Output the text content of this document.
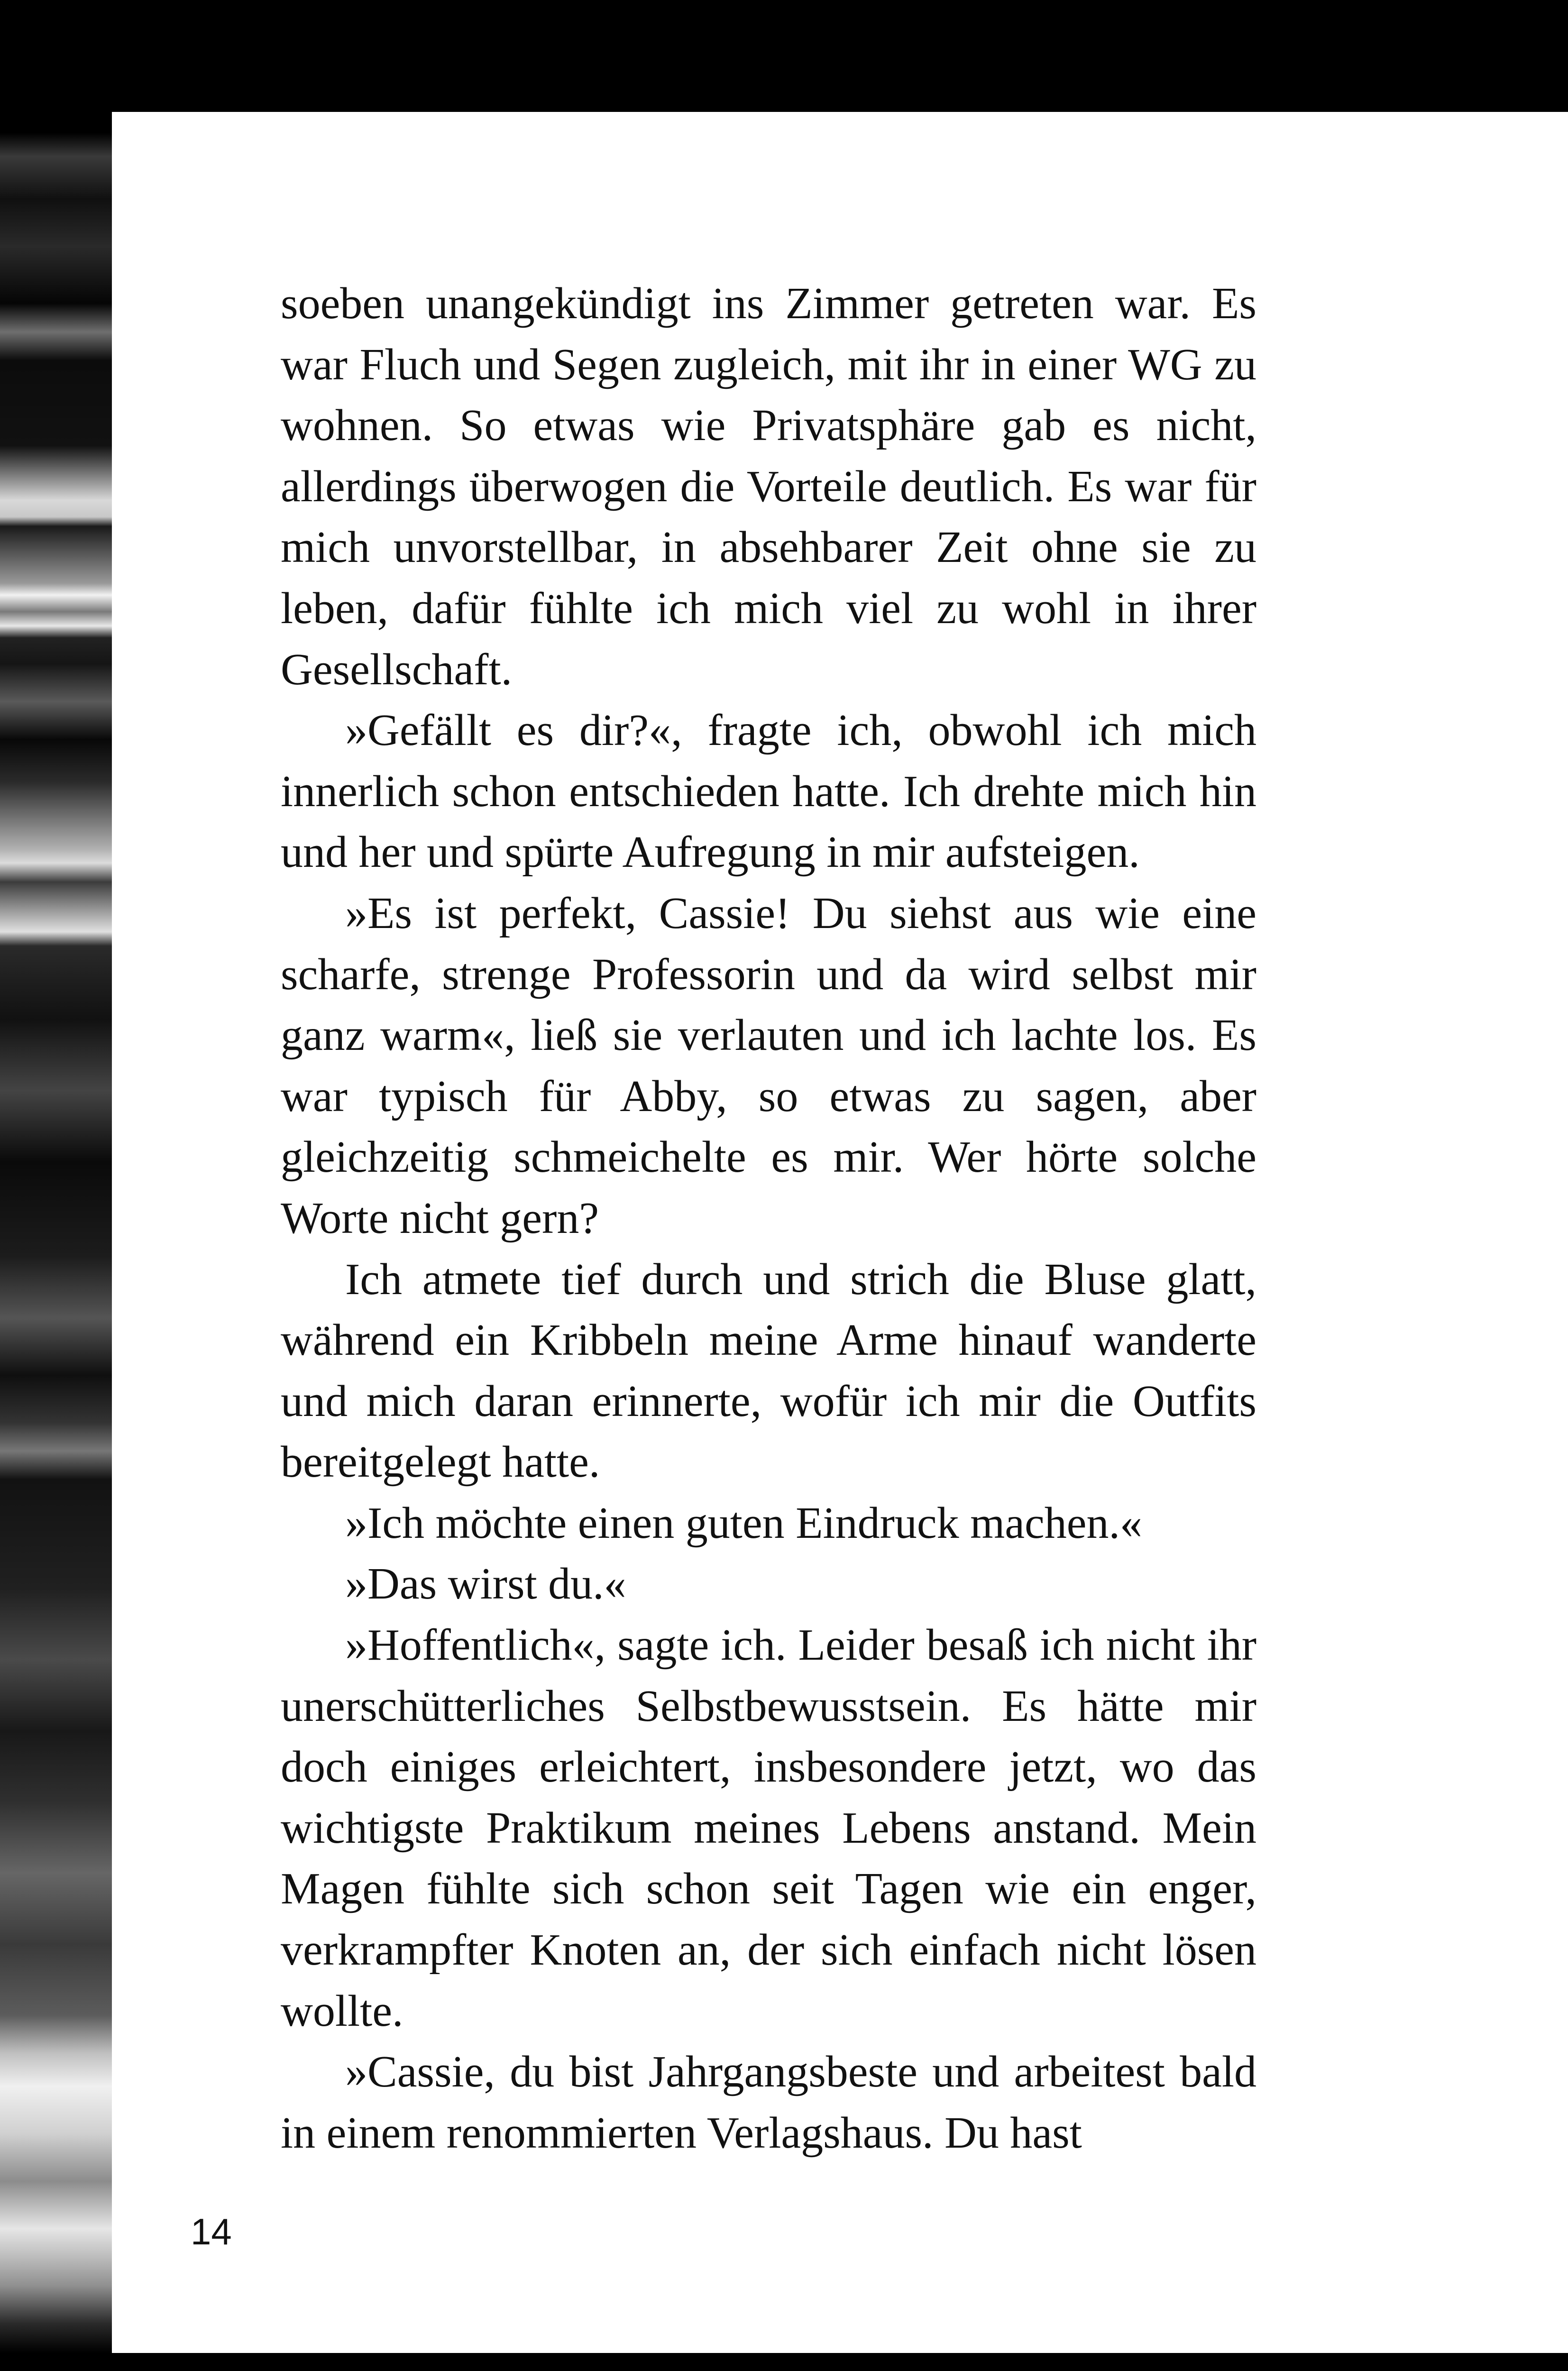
soeben unangekündigt ins Zimmer getreten war. Es war Fluch und Segen zugleich, mit ihr in einer WG zu wohnen. So etwas wie Privatsphäre gab es nicht, allerdings überwogen die Vorteile deutlich. Es war für mich unvorstellbar, in absehbarer Zeit ohne sie zu leben, dafür fühlte ich mich viel zu wohl in ihrer Gesellschaft.

»Gefällt es dir?«, fragte ich, obwohl ich mich innerlich schon entschieden hatte. Ich drehte mich hin und her und spürte Aufregung in mir aufsteigen.

»Es ist perfekt, Cassie! Du siehst aus wie eine scharfe, strenge Professorin und da wird selbst mir ganz warm«, ließ sie verlauten und ich lachte los. Es war typisch für Abby, so etwas zu sagen, aber gleichzeitig schmeichelte es mir. Wer hörte solche Worte nicht gern?

Ich atmete tief durch und strich die Bluse glatt, während ein Kribbeln meine Arme hinauf wanderte und mich daran erinnerte, wofür ich mir die Outfits bereitgelegt hatte.

»Ich möchte einen guten Eindruck machen.«

»Das wirst du.«

»Hoffentlich«, sagte ich. Leider besaß ich nicht ihr unerschütterliches Selbstbewusstsein. Es hätte mir doch einiges erleichtert, insbesondere jetzt, wo das wichtigste Praktikum meines Lebens anstand. Mein Magen fühlte sich schon seit Tagen wie ein enger, verkrampfter Knoten an, der sich einfach nicht lösen wollte.

»Cassie, du bist Jahrgangsbeste und arbeitest bald in einem renommierten Verlagshaus. Du hast

14
